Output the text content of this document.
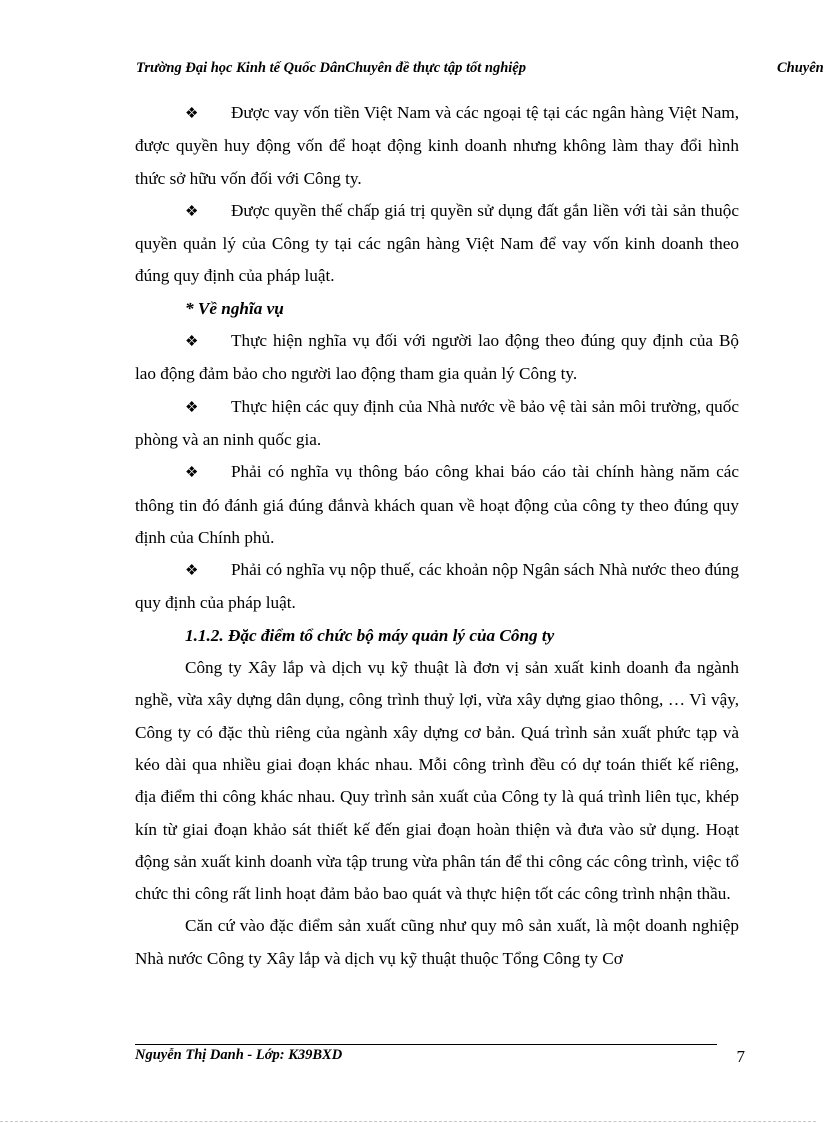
Trường Đại học Kinh tế Quốc DânChuyên đề thực tập tốt nghiệp	Chuyên

❖ Được vay vốn tiền Việt Nam và các ngoại tệ tại các ngân hàng Việt Nam, được quyền huy động vốn để hoạt động kinh doanh nhưng không làm thay đổi hình thức sở hữu vốn đối với Công ty.

❖ Được quyền thế chấp giá trị quyền sử dụng đất gắn liền với tài sản thuộc quyền quản lý của Công ty tại các ngân hàng Việt Nam để vay vốn kinh doanh theo đúng quy định của pháp luật.

* Về nghĩa vụ

❖ Thực hiện nghĩa vụ đối với người lao động theo đúng quy định của Bộ lao động đảm bảo cho người lao động tham gia quản lý Công ty.

❖ Thực hiện các quy định của Nhà nước về bảo vệ tài sản môi trường, quốc phòng và an ninh quốc gia.

❖ Phải có nghĩa vụ thông báo công khai báo cáo tài chính hàng năm các thông tin đó đánh giá đúng đắnvà khách quan về hoạt động của công ty theo đúng quy định của Chính phủ.

❖ Phải có nghĩa vụ nộp thuế, các khoản nộp Ngân sách Nhà nước theo đúng quy định của pháp luật.

1.1.2. Đặc điểm tổ chức bộ máy quản lý của Công ty

Công ty Xây lắp và dịch vụ kỹ thuật là đơn vị sản xuất kinh doanh đa ngành nghề, vừa xây dựng dân dụng, công trình thuỷ lợi, vừa xây dựng giao thông, … Vì vậy, Công ty có đặc thù riêng của ngành xây dựng cơ bản. Quá trình sản xuất phức tạp và kéo dài qua nhiều giai đoạn khác nhau. Mỗi công trình đều có dự toán thiết kế riêng, địa điểm thi công khác nhau. Quy trình sản xuất của Công ty là quá trình liên tục, khép kín từ giai đoạn khảo sát thiết kế đến giai đoạn hoàn thiện và đưa vào sử dụng. Hoạt động sản xuất kinh doanh vừa tập trung vừa phân tán để thi công các công trình, việc tổ chức thi công rất linh hoạt đảm bảo bao quát và thực hiện tốt các công trình nhận thầu.

Căn cứ vào đặc điểm sản xuất cũng như quy mô sản xuất, là một doanh nghiệp Nhà nước Công ty Xây lắp và dịch vụ kỹ thuật thuộc Tổng Công ty Cơ

Nguyễn Thị Danh - Lớp: K39BXD	7
